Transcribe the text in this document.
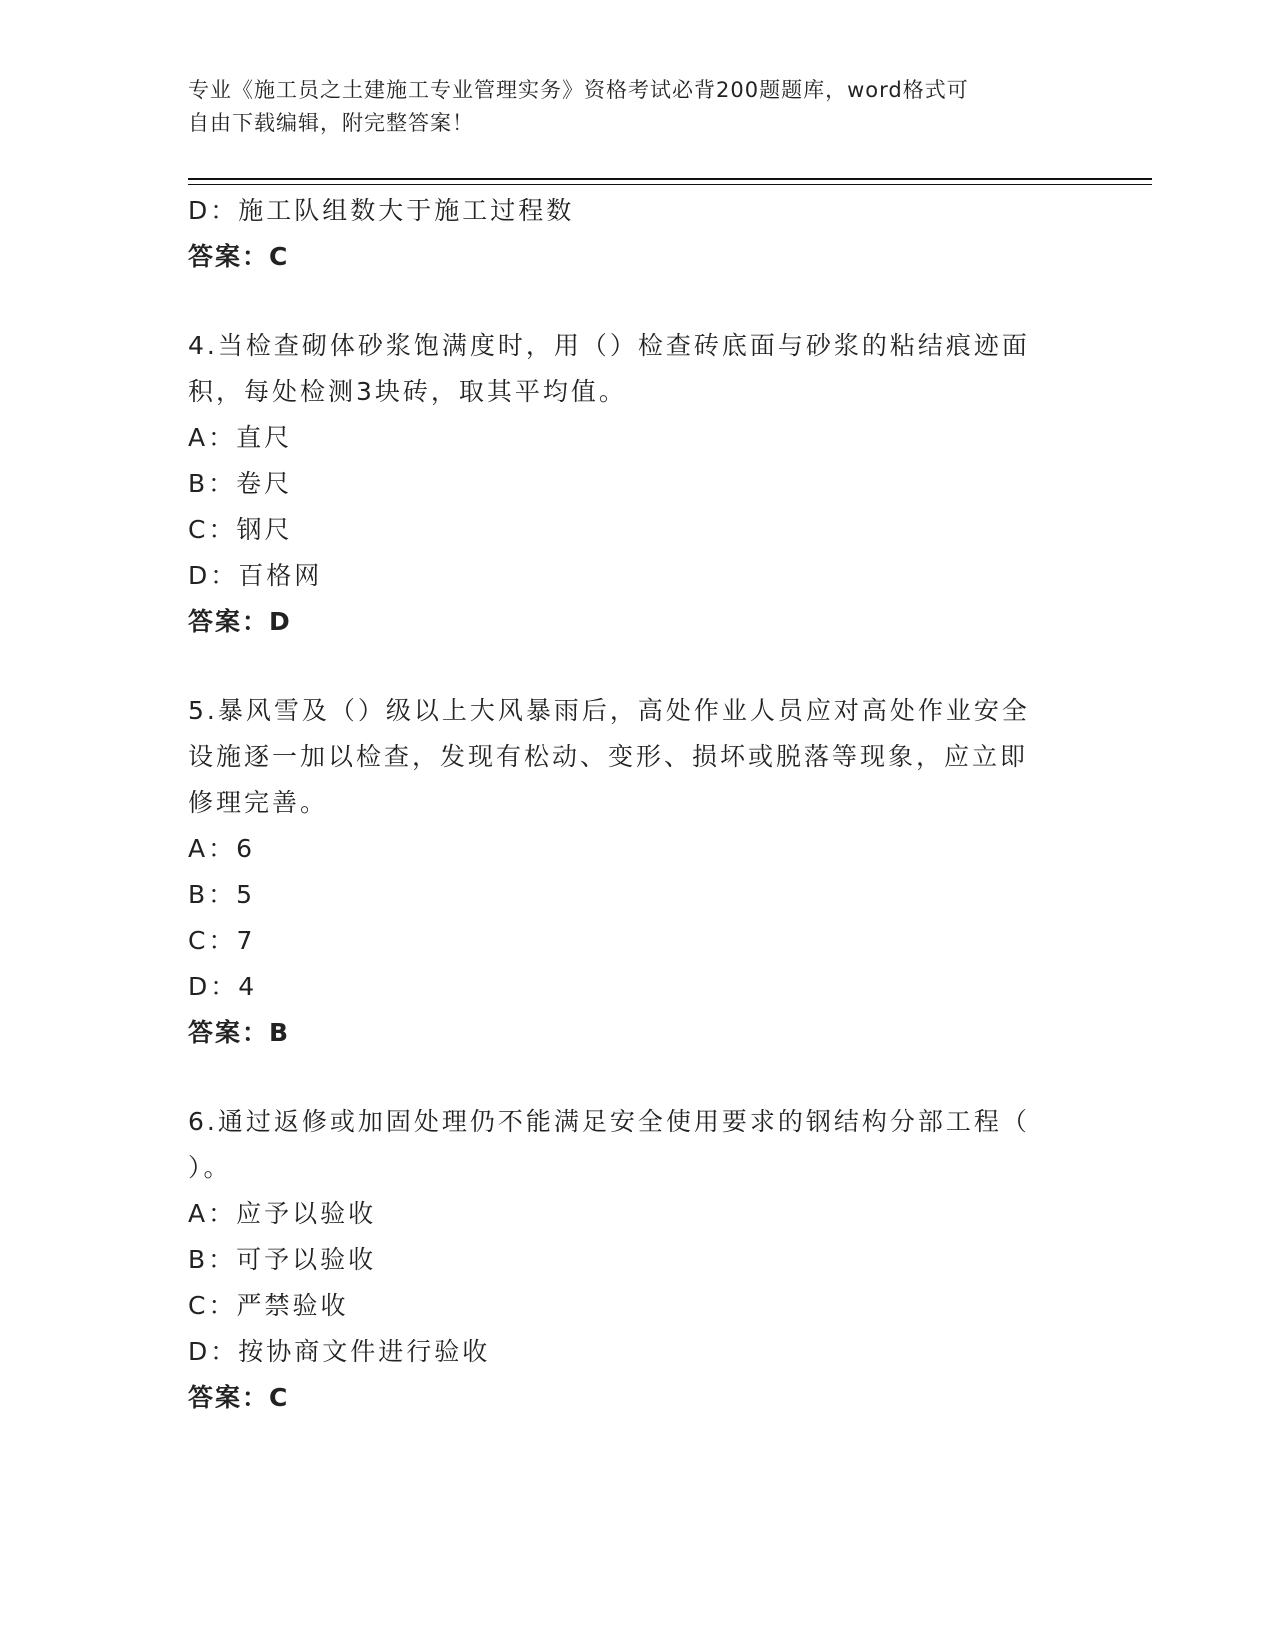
专业《施工员之土建施工专业管理实务》资格考试必背200题题库，word格式可
自由下载编辑，附完整答案！
D：施工队组数大于施工过程数
答案：C
4.当检查砌体砂浆饱满度时，用（）检查砖底面与砂浆的粘结痕迹面
积，每处检测3块砖，取其平均值。
A：直尺
B：卷尺
C：钢尺
D：百格网
答案：D
5.暴风雪及（）级以上大风暴雨后，高处作业人员应对高处作业安全
设施逐一加以检查，发现有松动、变形、损坏或脱落等现象，应立即
修理完善。
A：6
B：5
C：7
D：4
答案：B
6.通过返修或加固处理仍不能满足安全使用要求的钢结构分部工程（
）。
A：应予以验收
B：可予以验收
C：严禁验收
D：按协商文件进行验收
答案：C
